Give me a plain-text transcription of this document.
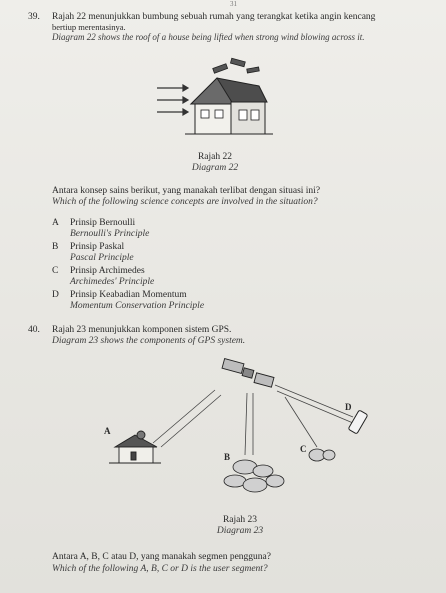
31
39. Rajah 22 menunjukkan bumbung sebuah rumah yang terangkat ketika angin kencang
bertiup merentasinya.
Diagram 22 shows the roof of a house being lifted when strong wind blowing across it.
Rajah 22
Diagram 22
Antara konsep sains berikut, yang manakah terlibat dengan situasi ini?
Which of the following science concepts are involved in the situation?
A Prinsip Bernoulli
Bernoulli's Principle
B Prinsip Paskal
Pascal Principle
C Prinsip Archimedes
Archimedes' Principle
D Prinsip Keabadian Momentum
Momentum Conservation Principle
40. Rajah 23 menunjukkan komponen sistem GPS.
Diagram 23 shows the components of GPS system.
A
B
C
D
Rajah 23
Diagram 23
Antara A, B, C atau D, yang manakah segmen pengguna?
Which of the following A, B, C or D is the user segment?
